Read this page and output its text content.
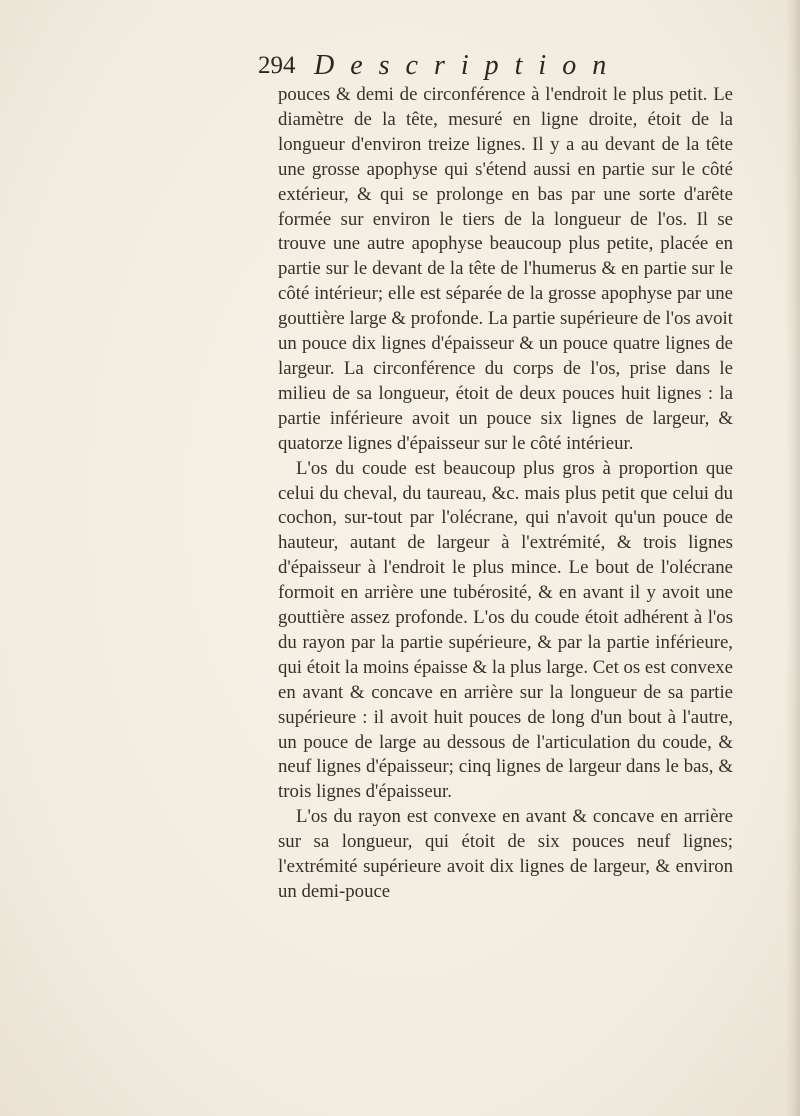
294 Description

pouces & demi de circonférence à l'endroit le plus petit. Le diamètre de la tête, mesuré en ligne droite, étoit de la longueur d'environ treize lignes. Il y a au devant de la tête une grosse apophyse qui s'étend aussi en partie sur le côté extérieur, & qui se prolonge en bas par une sorte d'arête formée sur environ le tiers de la longueur de l'os. Il se trouve une autre apophyse beaucoup plus petite, placée en partie sur le devant de la tête de l'humerus & en partie sur le côté intérieur; elle est séparée de la grosse apophyse par une gouttière large & profonde. La partie supérieure de l'os avoit un pouce dix lignes d'épaisseur & un pouce quatre lignes de largeur. La circonférence du corps de l'os, prise dans le milieu de sa longueur, étoit de deux pouces huit lignes : la partie inférieure avoit un pouce six lignes de largeur, & quatorze lignes d'épaisseur sur le côté intérieur.

L'os du coude est beaucoup plus gros à proportion que celui du cheval, du taureau, &c. mais plus petit que celui du cochon, sur-tout par l'olécrane, qui n'avoit qu'un pouce de hauteur, autant de largeur à l'extrémité, & trois lignes d'épaisseur à l'endroit le plus mince. Le bout de l'olécrane formoit en arrière une tubérosité, & en avant il y avoit une gouttière assez profonde. L'os du coude étoit adhérent à l'os du rayon par la partie supérieure, & par la partie inférieure, qui étoit la moins épaisse & la plus large. Cet os est convexe en avant & concave en arrière sur la longueur de sa partie supérieure : il avoit huit pouces de long d'un bout à l'autre, un pouce de large au dessous de l'articulation du coude, & neuf lignes d'épaisseur; cinq lignes de largeur dans le bas, & trois lignes d'épaisseur.

L'os du rayon est convexe en avant & concave en arrière sur sa longueur, qui étoit de six pouces neuf lignes; l'extrémité supérieure avoit dix lignes de largeur, & environ un demi-pouce
